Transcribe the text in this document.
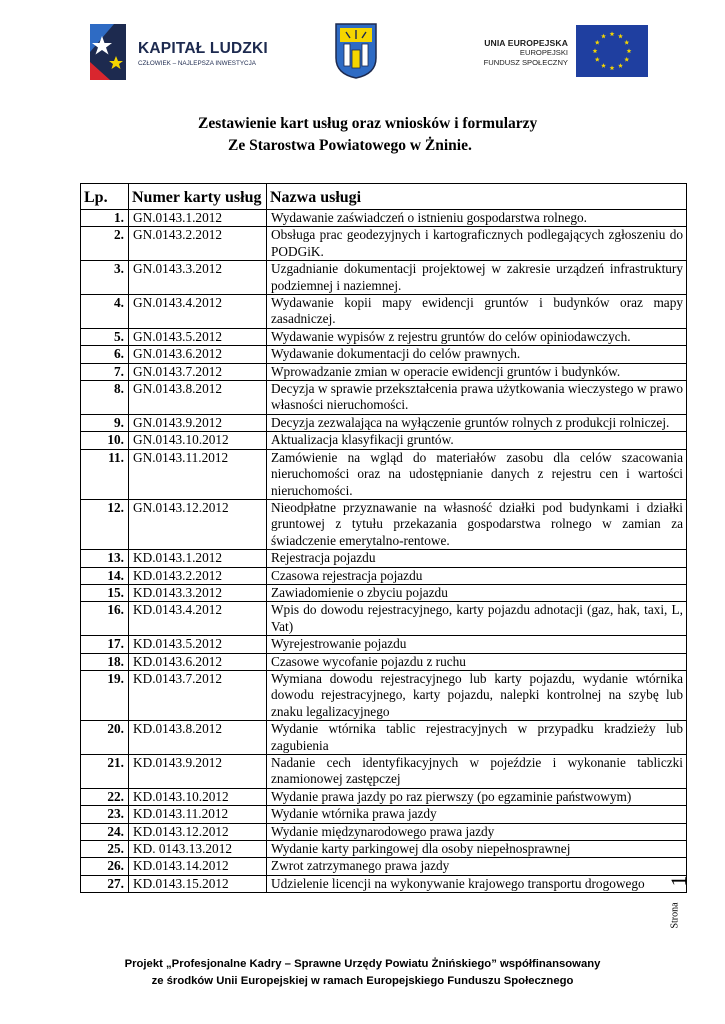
KAPITAŁ LUDZKI
CZŁOWIEK – NAJLEPSZA INWESTYCJA
UNIA EUROPEJSKA
EUROPEJSKI
FUNDUSZ SPOŁECZNY
Zestawienie kart usług oraz wniosków i formularzy
Ze Starostwa Powiatowego w Żninie.
Lp.	Numer karty usług	Nazwa usługi
1.	GN.0143.1.2012	Wydawanie zaświadczeń o istnieniu gospodarstwa rolnego.
2.	GN.0143.2.2012	Obsługa prac geodezyjnych i kartograficznych podlegających zgłoszeniu do PODGiK.
3.	GN.0143.3.2012	Uzgadnianie dokumentacji projektowej w zakresie urządzeń infrastruktury podziemnej i naziemnej.
4.	GN.0143.4.2012	Wydawanie kopii mapy ewidencji gruntów i budynków oraz mapy zasadniczej.
5.	GN.0143.5.2012	Wydawanie wypisów z rejestru gruntów do celów opiniodawczych.
6.	GN.0143.6.2012	Wydawanie dokumentacji do celów prawnych.
7.	GN.0143.7.2012	Wprowadzanie zmian w operacie ewidencji gruntów i budynków.
8.	GN.0143.8.2012	Decyzja w sprawie przekształcenia prawa użytkowania wieczystego w prawo własności nieruchomości.
9.	GN.0143.9.2012	Decyzja zezwalająca na wyłączenie gruntów rolnych z produkcji rolniczej.
10.	GN.0143.10.2012	Aktualizacja klasyfikacji gruntów.
11.	GN.0143.11.2012	Zamówienie na wgląd do materiałów zasobu dla celów szacowania nieruchomości oraz na udostępnianie danych z rejestru cen i wartości nieruchomości.
12.	GN.0143.12.2012	Nieodpłatne przyznawanie na własność działki pod budynkami i działki gruntowej z tytułu przekazania gospodarstwa rolnego w zamian za świadczenie emerytalno-rentowe.
13.	KD.0143.1.2012	Rejestracja pojazdu
14.	KD.0143.2.2012	Czasowa rejestracja pojazdu
15.	KD.0143.3.2012	Zawiadomienie o zbyciu pojazdu
16.	KD.0143.4.2012	Wpis do dowodu rejestracyjnego, karty pojazdu adnotacji (gaz, hak, taxi, L, Vat)
17.	KD.0143.5.2012	Wyrejestrowanie pojazdu
18.	KD.0143.6.2012	Czasowe wycofanie pojazdu z ruchu
19.	KD.0143.7.2012	Wymiana dowodu rejestracyjnego lub karty pojazdu, wydanie wtórnika dowodu rejestracyjnego, karty pojazdu, nalepki kontrolnej na szybę lub znaku legalizacyjnego
20.	KD.0143.8.2012	Wydanie wtórnika tablic rejestracyjnych w przypadku kradzieży lub zagubienia
21.	KD.0143.9.2012	Nadanie cech identyfikacyjnych w pojeździe i wykonanie tabliczki znamionowej zastępczej
22.	KD.0143.10.2012	Wydanie prawa jazdy po raz pierwszy (po egzaminie państwowym)
23.	KD.0143.11.2012	Wydanie wtórnika prawa jazdy
24.	KD.0143.12.2012	Wydanie międzynarodowego prawa jazdy
25.	KD. 0143.13.2012	Wydanie karty parkingowej dla osoby niepełnosprawnej
26.	KD.0143.14.2012	Zwrot zatrzymanego prawa jazdy
27.	KD.0143.15.2012	Udzielenie licencji na wykonywanie krajowego transportu drogowego 1
Strona
Projekt „Profesjonalne Kadry – Sprawne Urzędy Powiatu Żnińskiego” współfinansowany
ze środków Unii Europejskiej w ramach Europejskiego Funduszu Społecznego
